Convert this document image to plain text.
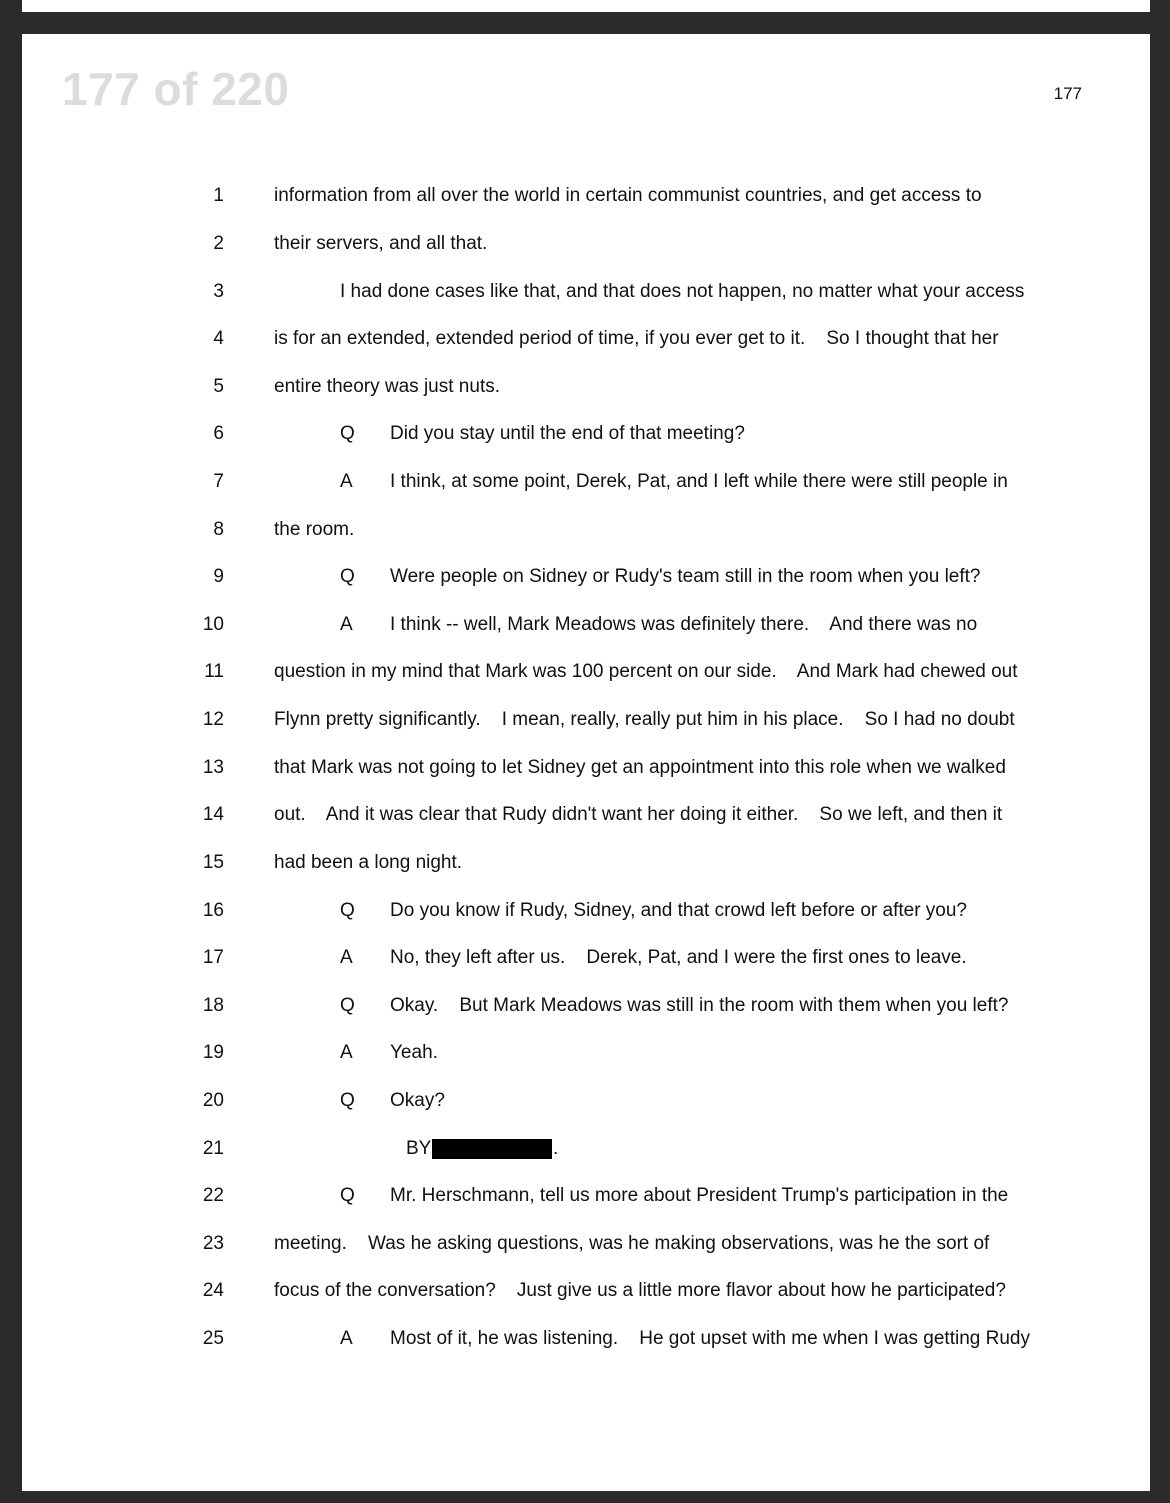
177 of 220	177
1	information from all over the world in certain communist countries, and get access to
2	their servers, and all that.
3	I had done cases like that, and that does not happen, no matter what your access
4	is for an extended, extended period of time, if you ever get to it.    So I thought that her
5	entire theory was just nuts.
6	Q Did you stay until the end of that meeting?
7	A I think, at some point, Derek, Pat, and I left while there were still people in
8	the room.
9	Q Were people on Sidney or Rudy's team still in the room when you left?
10	A I think -- well, Mark Meadows was definitely there.    And there was no
11	question in my mind that Mark was 100 percent on our side.    And Mark had chewed out
12	Flynn pretty significantly.    I mean, really, really put him in his place.    So I had no doubt
13	that Mark was not going to let Sidney get an appointment into this role when we walked
14	out.    And it was clear that Rudy didn't want her doing it either.    So we left, and then it
15	had been a long night.
16	Q Do you know if Rudy, Sidney, and that crowd left before or after you?
17	A No, they left after us.    Derek, Pat, and I were the first ones to leave.
18	Q Okay.    But Mark Meadows was still in the room with them when you left?
19	A Yeah.
20	Q Okay?
21	BY	.
22	Q Mr. Herschmann, tell us more about President Trump's participation in the
23	meeting.    Was he asking questions, was he making observations, was he the sort of
24	focus of the conversation?    Just give us a little more flavor about how he participated?
25	A Most of it, he was listening.    He got upset with me when I was getting Rudy
